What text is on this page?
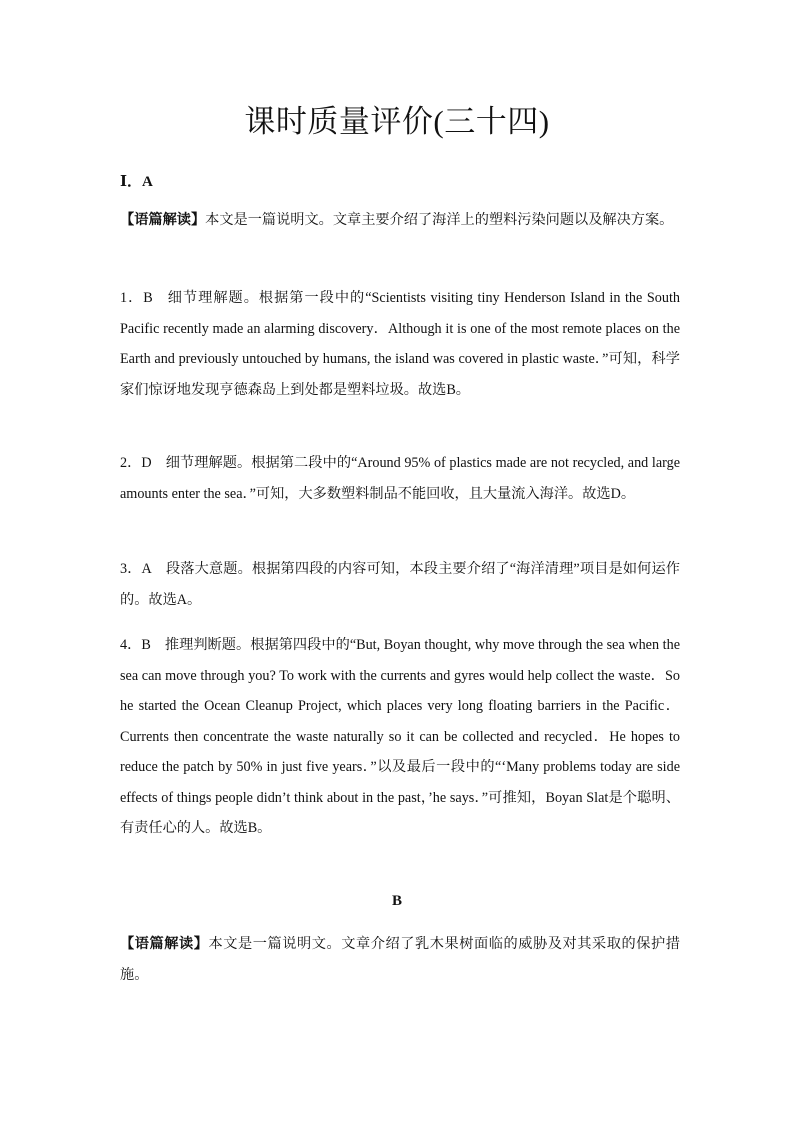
课时质量评价(三十四)
Ⅰ．A

【语篇解读】本文是一篇说明文。文章主要介绍了海洋上的塑料污染问题以及解决方案。

1．B 细节理解题。根据第一段中的“Scientists visiting tiny Henderson Island in the South Pacific recently made an alarming discovery．Although it is one of the most remote places on the Earth and previously untouched by humans, the island was covered in plastic waste．”可知，科学家们惊讶地发现亨德森岛上到处都是塑料垃圾。故选B。

2．D 细节理解题。根据第二段中的“Around 95% of plastics made are not recycled, and large amounts enter the sea．”可知，大多数塑料制品不能回收，且大量流入海洋。故选D。

3．A 段落大意题。根据第四段的内容可知，本段主要介绍了“海洋清理”项目是如何运作的。故选A。

4．B 推理判断题。根据第四段中的“But, Boyan thought, why move through the sea when the sea can move through you? To work with the currents and gyres would help collect the waste．So he started the Ocean Cleanup Project, which places very long floating barriers in the Pacific．Currents then concentrate the waste naturally so it can be collected and recycled．He hopes to reduce the patch by 50% in just five years．”以及最后一段中的“‘Many problems today are side effects of things people didn’t think about in the past，’he says．”可推知，Boyan Slat是个聪明、有责任心的人。故选B。

B

【语篇解读】本文是一篇说明文。文章介绍了乳木果树面临的威胁及对其采取的保护措施。
